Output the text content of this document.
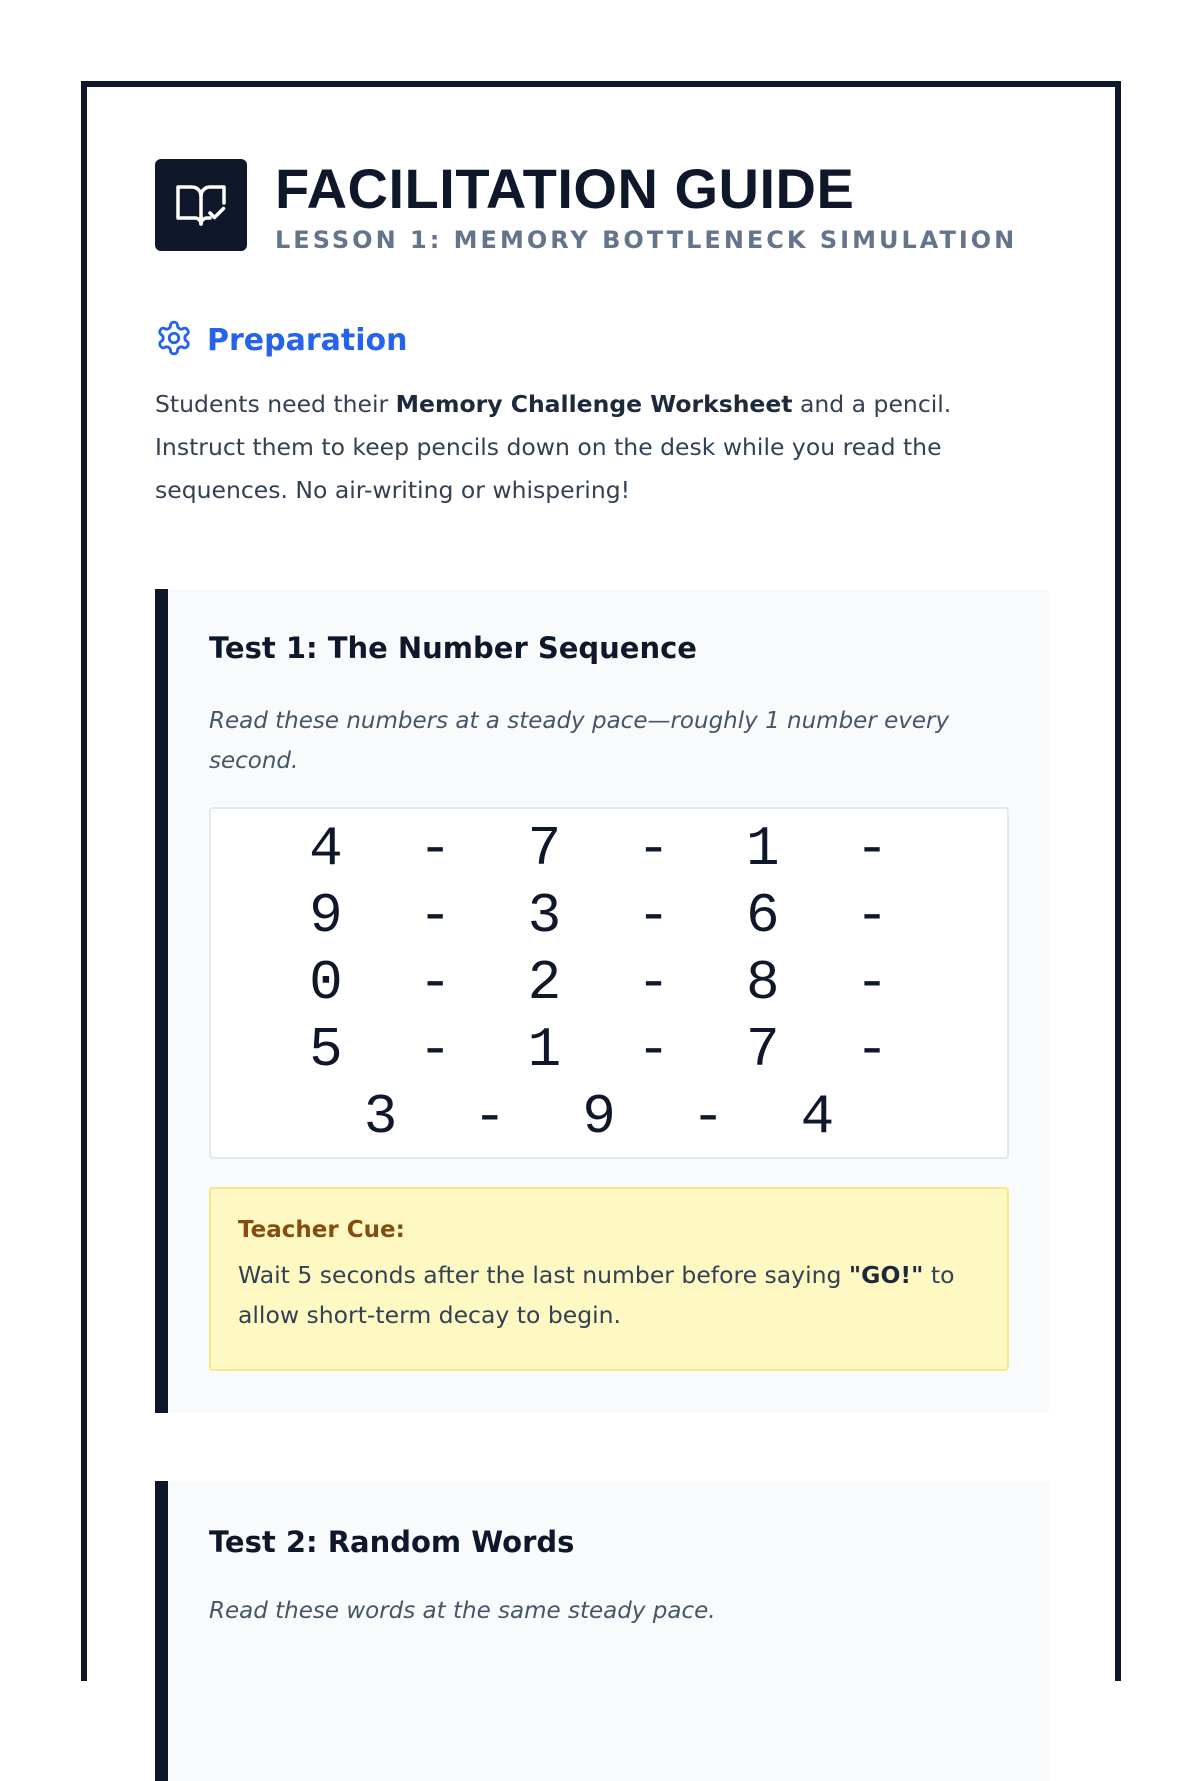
FACILITATION GUIDE
LESSON 1: MEMORY BOTTLENECK SIMULATION
Preparation

Students need their Memory Challenge Worksheet and a pencil. Instruct them to keep pencils down on the desk while you read the sequences. No air-writing or whispering!

Test 1: The Number Sequence
Read these numbers at a steady pace—roughly 1 number every second.
4 - 7 - 1 - 9 - 3 - 6 - 0 - 2 - 8 - 5 - 1 - 7 - 3 - 9 - 4
Teacher Cue:
Wait 5 seconds after the last number before saying "GO!" to allow short-term decay to begin.
Test 2: Random Words
Read these words at the same steady pace.
